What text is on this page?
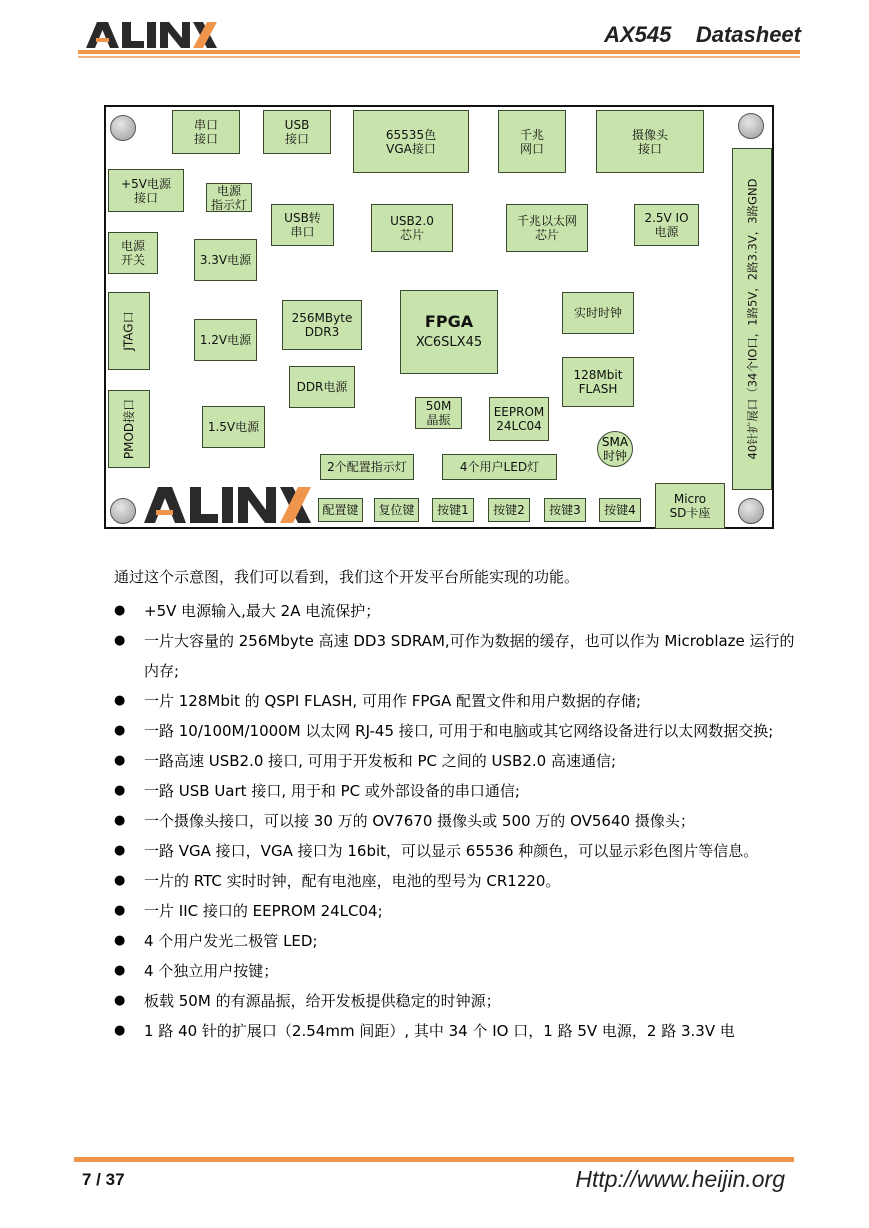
AX545    Datasheet
串口
接口
USB
接口	65535色
VGA接口
千兆
网口
摄像头
接口
+5V电源
接口	电源
指示灯
USB转
串口
USB2.0
芯片
千兆以太网
芯片
2.5V IO
电源
电源
开关	3.3V电源
JTAG口	1.2V电源
256MByte
DDR3
FPGA
XC6SLX45
实时时钟
128Mbit
FLASH
DDR电源
PMOD接口	1.5V电源
50M
晶振
EEPROM
24LC04
SMA
时钟
2个配置指示灯	4个用户LED灯
配置键	复位键	按键1	按键2	按键3	按键4
Micro
SD卡座
40针扩展口（34个IO口，1路5V，2路3.3V，3路GND
通过这个示意图，我们可以看到，我们这个开发平台所能实现的功能。
● +5V 电源输入,最大 2A 电流保护；
● 一片大容量的 256Mbyte 高速 DD3 SDRAM,可作为数据的缓存，也可以作为 Microblaze 运行的内存;
● 一片 128Mbit 的 QSPI FLASH, 可用作 FPGA 配置文件和用户数据的存储;
● 一路 10/100M/1000M 以太网 RJ-45 接口, 可用于和电脑或其它网络设备进行以太网数据交换;
● 一路高速 USB2.0 接口, 可用于开发板和 PC 之间的 USB2.0 高速通信;
● 一路 USB Uart 接口, 用于和 PC 或外部设备的串口通信;
● 一个摄像头接口，可以接 30 万的 OV7670 摄像头或 500 万的 OV5640 摄像头；
● 一路 VGA 接口，VGA 接口为 16bit，可以显示 65536 种颜色，可以显示彩色图片等信息。
● 一片的 RTC 实时时钟，配有电池座，电池的型号为 CR1220。
● 一片 IIC 接口的 EEPROM 24LC04;
● 4 个用户发光二极管 LED;
● 4 个独立用户按键；
● 板载 50M 的有源晶振，给开发板提供稳定的时钟源；
● 1 路 40 针的扩展口（2.54mm 间距）, 其中 34 个 IO 口，1 路 5V 电源，2 路 3.3V 电
7 / 37	Http://www.heijin.org
